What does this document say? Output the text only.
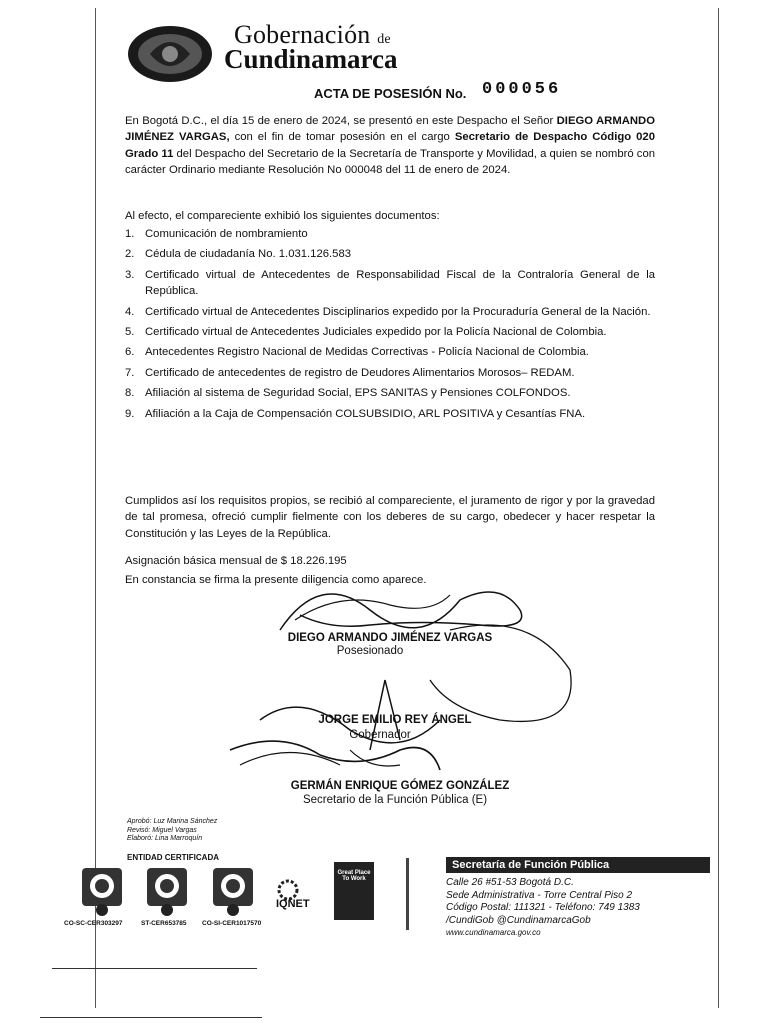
Gobernación de
Cundinamarca
ACTA DE POSESIÓN No. 000056
En Bogotá D.C., el día 15 de enero de 2024, se presentó en este Despacho el Señor DIEGO ARMANDO JIMÉNEZ VARGAS, con el fin de tomar posesión en el cargo Secretario de Despacho Código 020 Grado 11 del Despacho del Secretario de la Secretaría de Transporte y Movilidad, a quien se nombró con carácter Ordinario mediante Resolución No 000048 del 11 de enero de 2024.
Al efecto, el compareciente exhibió los siguientes documentos:
1. Comunicación de nombramiento
2. Cédula de ciudadanía No. 1.031.126.583
3. Certificado virtual de Antecedentes de Responsabilidad Fiscal de la Contraloría General de la República.
4. Certificado virtual de Antecedentes Disciplinarios expedido por la Procuraduría General de la Nación.
5. Certificado virtual de Antecedentes Judiciales expedido por la Policía Nacional de Colombia.
6. Antecedentes Registro Nacional de Medidas Correctivas - Policía Nacional de Colombia.
7. Certificado de antecedentes de registro de Deudores Alimentarios Morosos– REDAM.
8. Afiliación al sistema de Seguridad Social, EPS SANITAS y Pensiones COLFONDOS.
9. Afiliación a la Caja de Compensación COLSUBSIDIO, ARL POSITIVA y Cesantías FNA.
Cumplidos así los requisitos propios, se recibió al compareciente, el juramento de rigor y por la gravedad de tal promesa, ofreció cumplir fielmente con los deberes de su cargo, obedecer y hacer respetar la Constitución y las Leyes de la República.
Asignación básica mensual de $ 18.226.195
En constancia se firma la presente diligencia como aparece.
DIEGO ARMANDO JIMÉNEZ VARGAS
Posesionado
JORGE EMILIO REY ÁNGEL
Gobernador
GERMÁN ENRIQUE GÓMEZ GONZÁLEZ
Secretario de la Función Pública (E)
Aprobó: Luz Marina Sánchez
Revisó: Miguel Vargas
Elaboró: Lina Marroquín
ENTIDAD CERTIFICADA
CO-SC-CER303297	ST-CER653785 CO-SI-CER1017570
IQNET
Great Place To Work
Secretaría de Función Pública
Calle 26 #51-53 Bogotá D.C.
Sede Administrativa - Torre Central Piso 2
Código Postal: 111321 - Teléfono: 749 1383
/CundiGob @CundinamarcaGob
www.cundinamarca.gov.co
